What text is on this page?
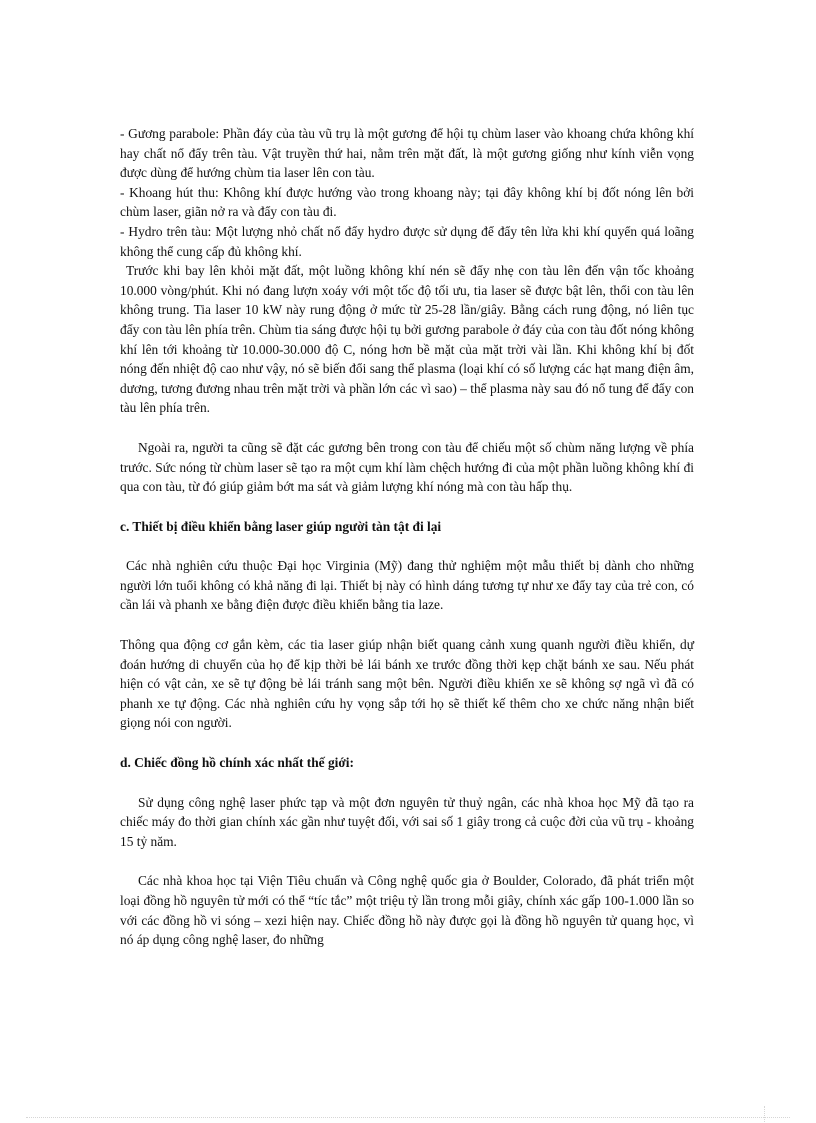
- Gương parabole: Phần đáy của tàu vũ trụ là một gương để hội tụ chùm laser vào khoang chứa không khí hay chất nổ đẩy trên tàu. Vật truyền thứ hai, nằm trên mặt đất, là một gương giống như kính viễn vọng được dùng để hướng chùm tia laser lên con tàu.

- Khoang hút thu: Không khí được hướng vào trong khoang này; tại đây không khí bị đốt nóng lên bởi chùm laser, giãn nở ra và đẩy con tàu đi.

- Hydro trên tàu: Một lượng nhỏ chất nổ đẩy hydro được sử dụng để đẩy tên lửa khi khí quyển quá loãng không thể cung cấp đủ không khí.

Trước khi bay lên khỏi mặt đất, một luồng không khí nén sẽ đẩy nhẹ con tàu lên đến vận tốc khoảng 10.000 vòng/phút. Khi nó đang lượn xoáy với một tốc độ tối ưu, tia laser sẽ được bật lên, thổi con tàu lên không trung. Tia laser 10 kW này rung động ở mức từ 25-28 lần/giây. Bằng cách rung động, nó liên tục đẩy con tàu lên phía trên. Chùm tia sáng được hội tụ bởi gương parabole ở đáy của con tàu đốt nóng không khí lên tới khoảng từ 10.000-30.000 độ C, nóng hơn bề mặt của mặt trời vài lần. Khi không khí bị đốt nóng đến nhiệt độ cao như vậy, nó sẽ biến đổi sang thể plasma (loại khí có số lượng các hạt mang điện âm, dương, tương đương nhau trên mặt trời và phần lớn các vì sao) – thể plasma này sau đó nổ tung để đẩy con tàu lên phía trên.

Ngoài ra, người ta cũng sẽ đặt các gương bên trong con tàu để chiếu một số chùm năng lượng về phía trước. Sức nóng từ chùm laser sẽ tạo ra một cụm khí làm chệch hướng đi của một phần luồng không khí đi qua con tàu, từ đó giúp giảm bớt ma sát và giảm lượng khí nóng mà con tàu hấp thụ.

c. Thiết bị điều khiển bằng laser giúp người tàn tật đi lại

Các nhà nghiên cứu thuộc Đại học Virginia (Mỹ) đang thử nghiệm một mẫu thiết bị dành cho những người lớn tuổi không có khả năng đi lại. Thiết bị này có hình dáng tương tự như xe đẩy tay của trẻ con, có cần lái và phanh xe bằng điện được điều khiển bằng tia laze.

Thông qua động cơ gắn kèm, các tia laser giúp nhận biết quang cảnh xung quanh người điều khiển, dự đoán hướng di chuyển của họ để kịp thời bẻ lái bánh xe trước đồng thời kẹp chặt bánh xe sau. Nếu phát hiện có vật cản, xe sẽ tự động bẻ lái tránh sang một bên. Người điều khiển xe sẽ không sợ ngã vì đã có phanh xe tự động. Các nhà nghiên cứu hy vọng sắp tới họ sẽ thiết kế thêm cho xe chức năng nhận biết giọng nói con người.

d. Chiếc đồng hồ chính xác nhất thế giới:

Sử dụng công nghệ laser phức tạp và một đơn nguyên tử thuỷ ngân, các nhà khoa học Mỹ đã tạo ra chiếc máy đo thời gian chính xác gần như tuyệt đối, với sai số 1 giây trong cả cuộc đời của vũ trụ - khoảng 15 tỷ năm.

Các nhà khoa học tại Viện Tiêu chuẩn và Công nghệ quốc gia ở Boulder, Colorado, đã phát triển một loại đồng hồ nguyên tử mới có thể “tíc tắc” một triệu tỷ lần trong mỗi giây, chính xác gấp 100-1.000 lần so với các đồng hồ vi sóng – xezi hiện nay. Chiếc đồng hồ này được gọi là đồng hồ nguyên tử quang học, vì nó áp dụng công nghệ laser, đo những
